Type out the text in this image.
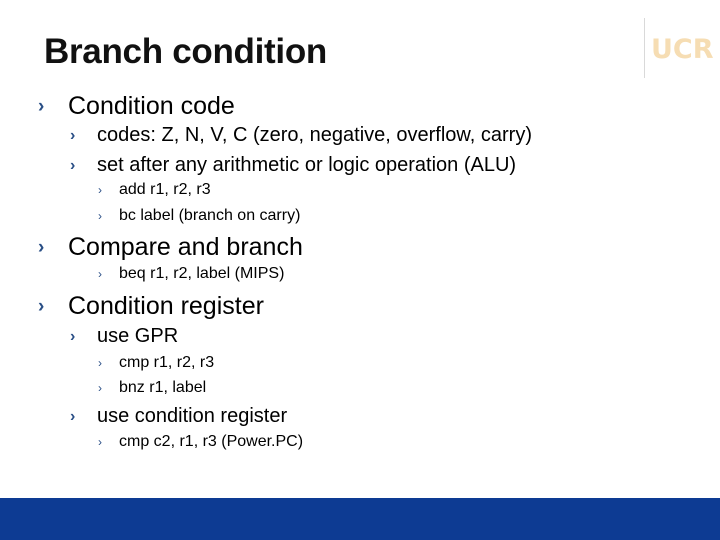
Branch condition	UCR
› Condition code
› codes: Z, N, V, C (zero, negative, overflow, carry)
› set after any arithmetic or logic operation (ALU)
› add r1, r2, r3
› bc label (branch on carry)
› Compare and branch
› beq r1, r2, label (MIPS)
› Condition register
› use GPR
› cmp r1, r2, r3
› bnz r1, label
› use condition register
› cmp c2, r1, r3 (Power.PC)
8
